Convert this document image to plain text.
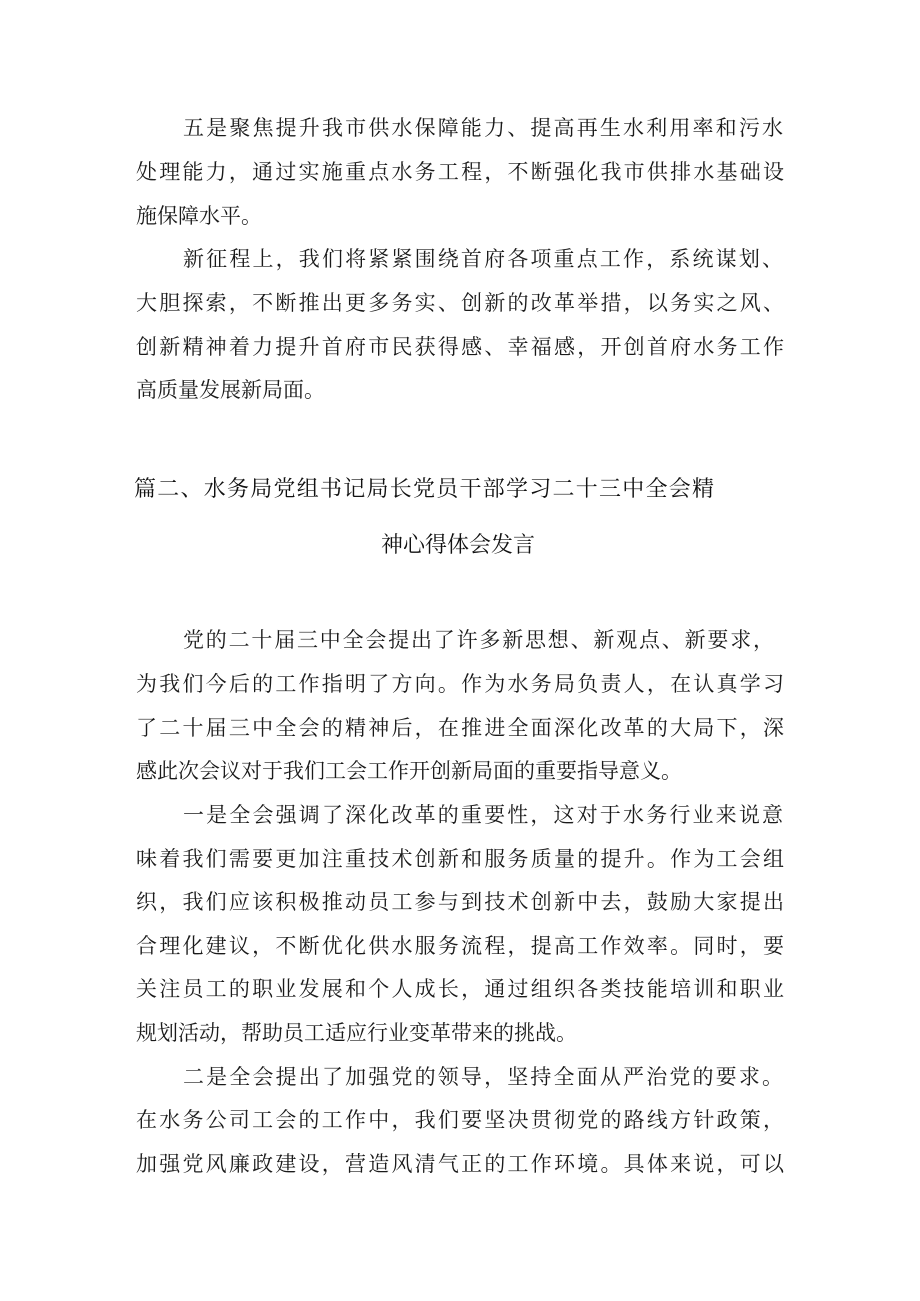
五是聚焦提升我市供水保障能力、提高再生水利用率和污水
处理能力，通过实施重点水务工程，不断强化我市供排水基础设
施保障水平。
新征程上，我们将紧紧围绕首府各项重点工作，系统谋划、
大胆探索，不断推出更多务实、创新的改革举措，以务实之风、
创新精神着力提升首府市民获得感、幸福感，开创首府水务工作
高质量发展新局面。
篇二、水务局党组书记局长党员干部学习二十三中全会精
神心得体会发言
党的二十届三中全会提出了许多新思想、新观点、新要求，
为我们今后的工作指明了方向。作为水务局负责人，在认真学习
了二十届三中全会的精神后，在推进全面深化改革的大局下，深
感此次会议对于我们工会工作开创新局面的重要指导意义。
一是全会强调了深化改革的重要性，这对于水务行业来说意
味着我们需要更加注重技术创新和服务质量的提升。作为工会组
织，我们应该积极推动员工参与到技术创新中去，鼓励大家提出
合理化建议，不断优化供水服务流程，提高工作效率。同时，要
关注员工的职业发展和个人成长，通过组织各类技能培训和职业
规划活动，帮助员工适应行业变革带来的挑战。
二是全会提出了加强党的领导，坚持全面从严治党的要求。
在水务公司工会的工作中，我们要坚决贯彻党的路线方针政策，
加强党风廉政建设，营造风清气正的工作环境。具体来说，可以
